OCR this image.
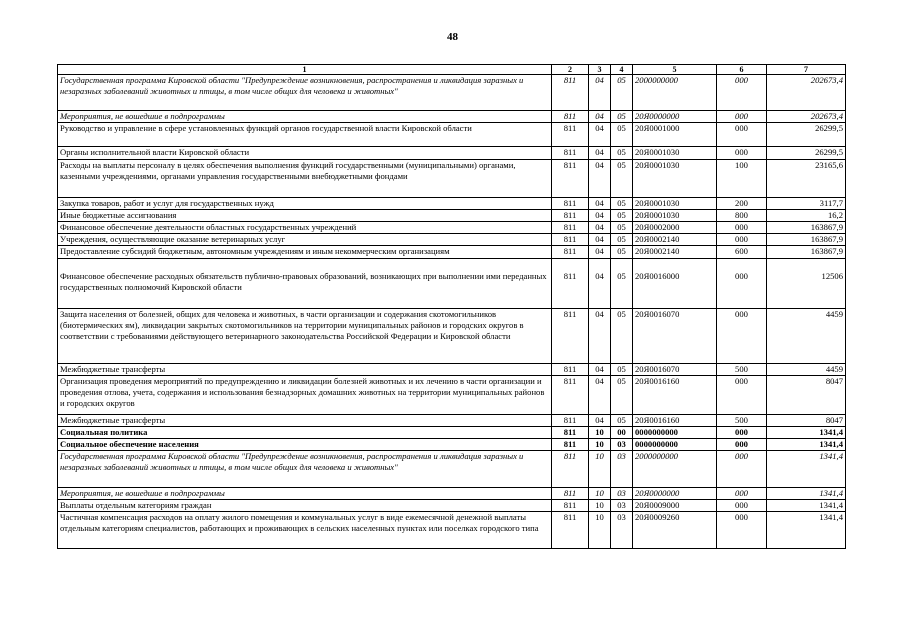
48
1	2	3	4	5	6	7
Государственная программа Кировской области "Предупреждение возникновения, распространения и ликвидация заразных и незаразных заболеваний животных и птицы, в том числе общих для человека и животных"	811	04	05	2000000000	000	202673,4
Мероприятия, не вошедшие в подпрограммы	811	04	05	20Я0000000	000	202673,4
Руководство и управление в сфере установленных функций органов государственной власти Кировской области	811	04	05	20Я0001000	000	26299,5
Органы исполнительной власти Кировской области	811	04	05	20Я0001030	000	26299,5
Расходы на выплаты персоналу в целях обеспечения выполнения функций государственными (муниципальными) органами, казенными учреждениями, органами управления государственными внебюджетными фондами	811	04	05	20Я0001030	100	23165,6
Закупка товаров, работ и услуг для государственных нужд	811	04	05	20Я0001030	200	3117,7
Иные бюджетные ассигнования	811	04	05	20Я0001030	800	16,2
Финансовое обеспечение деятельности областных государственных учреждений	811	04	05	20Я0002000	000	163867,9
Учреждения, осуществляющие оказание ветеринарных услуг	811	04	05	20Я0002140	000	163867,9
Предоставление субсидий бюджетным, автономным учреждениям и иным некоммерческим организациям	811	04	05	20Я0002140	600	163867,9
Финансовое обеспечение расходных обязательств публично-правовых образований, возникающих при выполнении ими переданных государственных полномочий Кировской области	811	04	05	20Я0016000	000	12506
Защита населения от болезней, общих для человека и животных, в части организации и содержания скотомогильников (биотермических ям), ликвидации закрытых скотомогильников на территории муниципальных районов и городских округов в соответствии с требованиями действующего ветеринарного законодательства Российской Федерации и Кировской области	811	04	05	20Я0016070	000	4459
Межбюджетные трансферты	811	04	05	20Я0016070	500	4459
Организация проведения мероприятий по предупреждению и ликвидации болезней животных и их лечению в части организации и проведения отлова, учета, содержания и использования безнадзорных домашних животных на территории муниципальных районов и городских округов	811	04	05	20Я0016160	000	8047
Межбюджетные трансферты	811	04	05	20Я0016160	500	8047
Социальная политика	811	10	00	0000000000	000	1341,4
Социальное обеспечение населения	811	10	03	0000000000	000	1341,4
Государственная программа Кировской области "Предупреждение возникновения, распространения и ликвидация заразных и незаразных заболеваний животных и птицы, в том числе общих для человека и животных"	811	10	03	2000000000	000	1341,4
Мероприятия, не вошедшие в подпрограммы	811	10	03	20Я0000000	000	1341,4
Выплаты отдельным категориям граждан	811	10	03	20Я0009000	000	1341,4
Частичная компенсация расходов на оплату жилого помещения и коммунальных услуг в виде ежемесячной денежной выплаты отдельным категориям специалистов, работающих и проживающих в сельских населенных пунктах или поселках городского типа	811	10	03	20Я0009260	000	1341,4
